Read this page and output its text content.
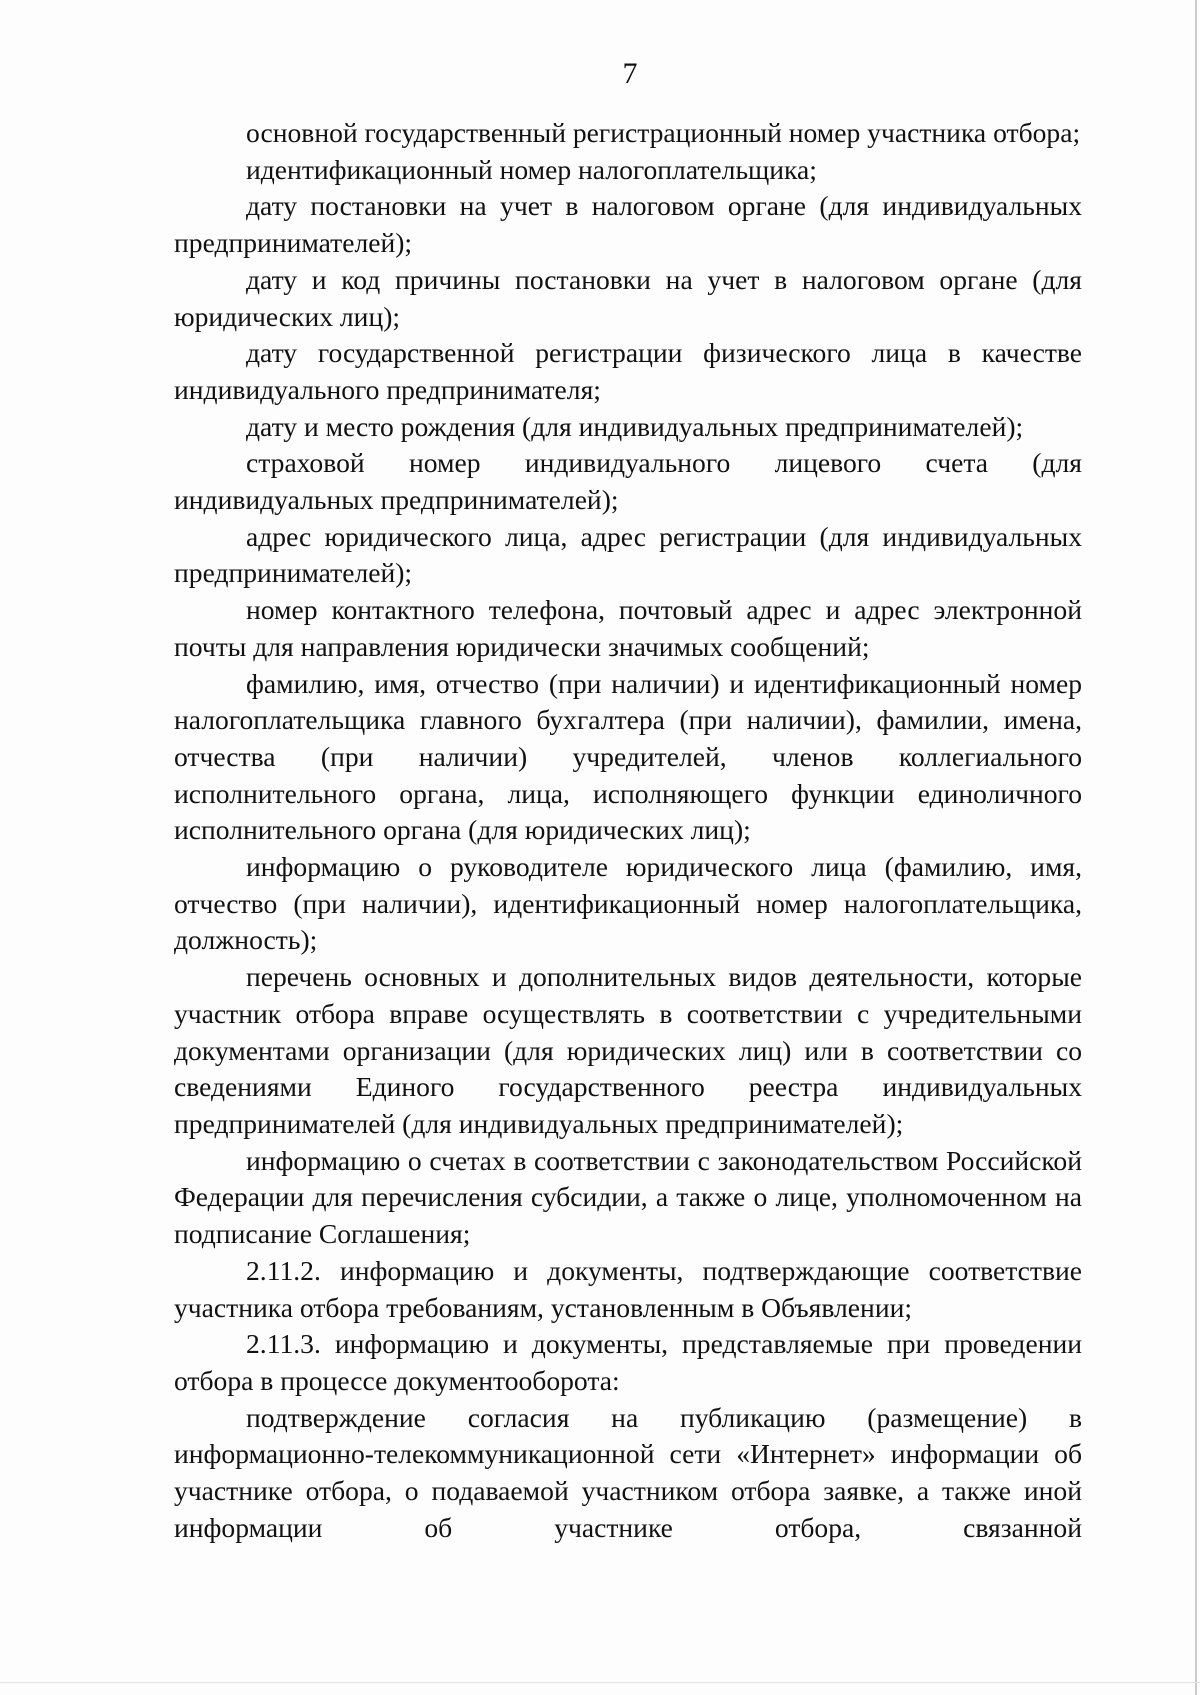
7

основной государственный регистрационный номер участника отбора;

идентификационный номер налогоплательщика;

дату постановки на учет в налоговом органе (для индивидуальных предпринимателей);

дату и код причины постановки на учет в налоговом органе (для юридических лиц);

дату государственной регистрации физического лица в качестве индивидуального предпринимателя;

дату и место рождения (для индивидуальных предпринимателей);

страховой номер индивидуального лицевого счета (для индивидуальных предпринимателей);

адрес юридического лица, адрес регистрации (для индивидуальных предпринимателей);

номер контактного телефона, почтовый адрес и адрес электронной почты для направления юридически значимых сообщений;

фамилию, имя, отчество (при наличии) и идентификационный номер налогоплательщика главного бухгалтера (при наличии), фамилии, имена, отчества (при наличии) учредителей, членов коллегиального исполнительного органа, лица, исполняющего функции единоличного исполнительного органа (для юридических лиц);

информацию о руководителе юридического лица (фамилию, имя, отчество (при наличии), идентификационный номер налогоплательщика, должность);

перечень основных и дополнительных видов деятельности, которые участник отбора вправе осуществлять в соответствии с учредительными документами организации (для юридических лиц) или в соответствии со сведениями Единого государственного реестра индивидуальных предпринимателей (для индивидуальных предпринимателей);

информацию о счетах в соответствии с законодательством Российской Федерации для перечисления субсидии, а также о лице, уполномоченном на подписание Соглашения;

2.11.2. информацию и документы, подтверждающие соответствие участника отбора требованиям, установленным в Объявлении;

2.11.3. информацию и документы, представляемые при проведении отбора в процессе документооборота:

подтверждение согласия на публикацию (размещение) в информационно-телекоммуникационной сети «Интернет» информации об участнике отбора, о подаваемой участником отбора заявке, а также иной информации об участнике отбора, связанной
